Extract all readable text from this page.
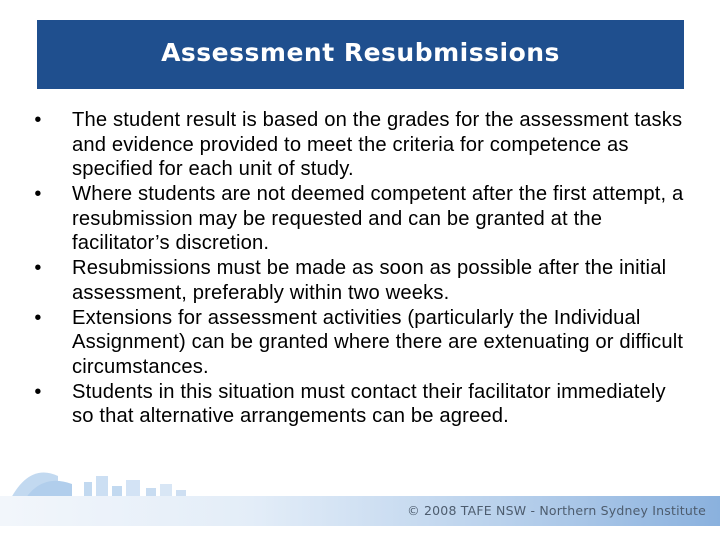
Assessment Resubmissions
•	The student result is based on the grades for the assessment tasks and evidence provided to meet the criteria for competence as specified for each unit of study.
•	Where students are not deemed competent after the first attempt, a resubmission may be requested and can be granted at the facilitator’s discretion.
•	Resubmissions must be made as soon as possible after the initial assessment, preferably within two weeks.
•	Extensions for assessment activities (particularly the Individual Assignment) can be granted where there are extenuating or difficult circumstances.
•	Students in this situation must contact their facilitator immediately so that alternative arrangements can be agreed.
© 2008 TAFE NSW - Northern Sydney Institute
